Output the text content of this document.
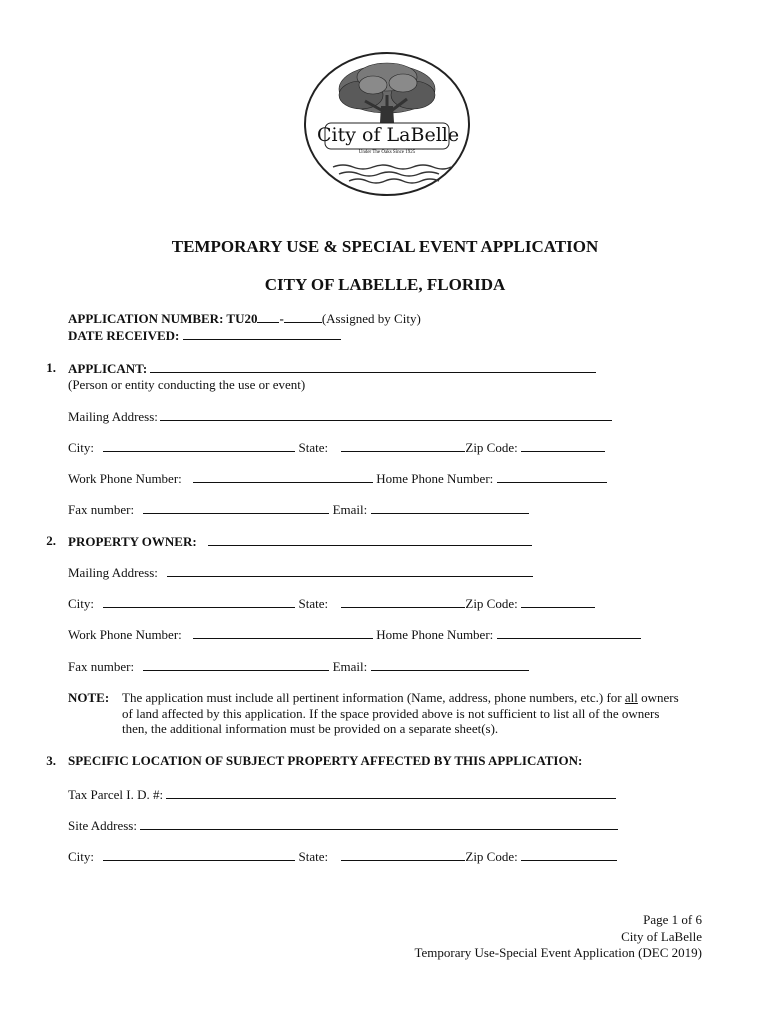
City of LaBelle
Under The Oaks Since 1925
TEMPORARY USE & SPECIAL EVENT APPLICATION
CITY OF LABELLE, FLORIDA
APPLICATION NUMBER: TU20 -	(Assigned by City)
DATE RECEIVED:
1. APPLICANT:
(Person or entity conducting the use or event)
Mailing Address:
City:	State:	Zip Code:
Work Phone Number:	Home Phone Number:
Fax number:	Email:
2. PROPERTY OWNER:
Mailing Address:
City:	State:	Zip Code:
Work Phone Number:	Home Phone Number:
Fax number:	Email:
NOTE: The application must include all pertinent information (Name, address, phone numbers, etc.) for all owners of land affected by this application. If the space provided above is not sufficient to list all of the owners then, the additional information must be provided on a separate sheet(s).
3. SPECIFIC LOCATION OF SUBJECT PROPERTY AFFECTED BY THIS APPLICATION:
Tax Parcel I. D. #:
Site Address:
City:	State:	Zip Code:
Page 1 of 6
City of LaBelle
Temporary Use-Special Event Application (DEC 2019)
